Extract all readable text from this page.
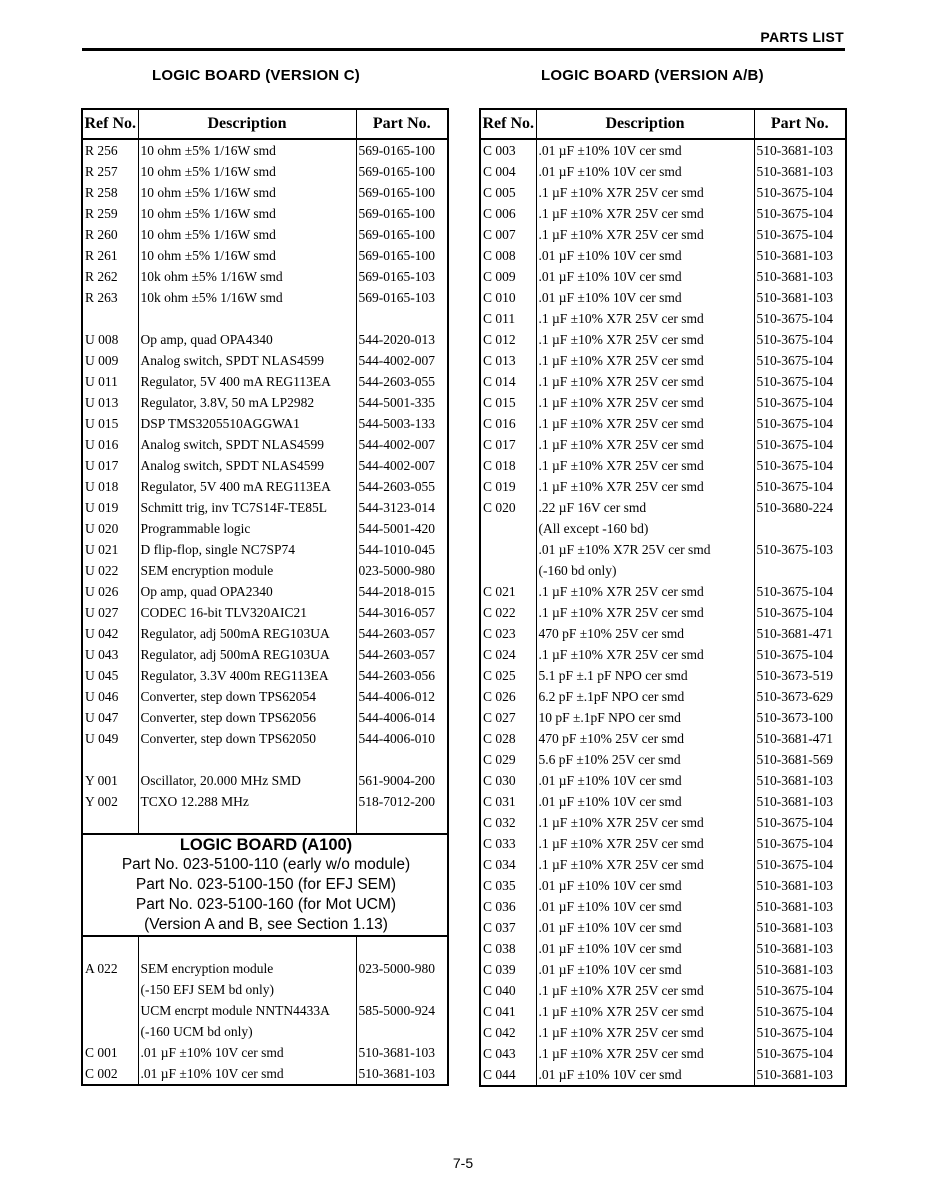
PARTS LIST
LOGIC BOARD (VERSION C)	LOGIC BOARD (VERSION A/B)
Ref No.	Description	Part No.
R 256	10 ohm ±5% 1/16W smd	569-0165-100
R 257	10 ohm ±5% 1/16W smd	569-0165-100
R 258	10 ohm ±5% 1/16W smd	569-0165-100
R 259	10 ohm ±5% 1/16W smd	569-0165-100
R 260	10 ohm ±5% 1/16W smd	569-0165-100
R 261	10 ohm ±5% 1/16W smd	569-0165-100
R 262	10k ohm ±5% 1/16W smd	569-0165-103
R 263	10k ohm ±5% 1/16W smd	569-0165-103

U 008	Op amp, quad OPA4340	544-2020-013
U 009	Analog switch, SPDT NLAS4599	544-4002-007
U 011	Regulator, 5V 400 mA REG113EA	544-2603-055
U 013	Regulator, 3.8V, 50 mA LP2982	544-5001-335
U 015	DSP TMS3205510AGGWA1	544-5003-133
U 016	Analog switch, SPDT NLAS4599	544-4002-007
U 017	Analog switch, SPDT NLAS4599	544-4002-007
U 018	Regulator, 5V 400 mA REG113EA	544-2603-055
U 019	Schmitt trig, inv TC7S14F-TE85L	544-3123-014
U 020	Programmable logic	544-5001-420
U 021	D flip-flop, single NC7SP74	544-1010-045
U 022	SEM encryption module	023-5000-980
U 026	Op amp, quad OPA2340	544-2018-015
U 027	CODEC 16-bit TLV320AIC21	544-3016-057
U 042	Regulator, adj 500mA REG103UA	544-2603-057
U 043	Regulator, adj 500mA REG103UA	544-2603-057
U 045	Regulator, 3.3V 400m REG113EA	544-2603-056
U 046	Converter, step down TPS62054	544-4006-012
U 047	Converter, step down TPS62056	544-4006-014
U 049	Converter, step down TPS62050	544-4006-010

Y 001	Oscillator, 20.000 MHz SMD	561-9004-200
Y 002	TCXO 12.288 MHz	518-7012-200

LOGIC BOARD (A100)
Part No. 023-5100-110 (early w/o module)
Part No. 023-5100-150 (for EFJ SEM)
Part No. 023-5100-160 (for Mot UCM)
(Version A and B, see Section 1.13)		

A 022	SEM encryption module	023-5000-980
	(-150 EFJ SEM bd only)	
	UCM encrpt module NNTN4433A	585-5000-924
	(-160 UCM bd only)	
C 001	.01 µF ±10% 10V cer smd	510-3681-103
C 002	.01 µF ±10% 10V cer smd	510-3681-103
Ref No.	Description	Part No.
C 003	.01 µF ±10% 10V cer smd	510-3681-103
C 004	.01 µF ±10% 10V cer smd	510-3681-103
C 005	.1 µF ±10% X7R 25V cer smd	510-3675-104
C 006	.1 µF ±10% X7R 25V cer smd	510-3675-104
C 007	.1 µF ±10% X7R 25V cer smd	510-3675-104
C 008	.01 µF ±10% 10V cer smd	510-3681-103
C 009	.01 µF ±10% 10V cer smd	510-3681-103
C 010	.01 µF ±10% 10V cer smd	510-3681-103
C 011	.1 µF ±10% X7R 25V cer smd	510-3675-104
C 012	.1 µF ±10% X7R 25V cer smd	510-3675-104
C 013	.1 µF ±10% X7R 25V cer smd	510-3675-104
C 014	.1 µF ±10% X7R 25V cer smd	510-3675-104
C 015	.1 µF ±10% X7R 25V cer smd	510-3675-104
C 016	.1 µF ±10% X7R 25V cer smd	510-3675-104
C 017	.1 µF ±10% X7R 25V cer smd	510-3675-104
C 018	.1 µF ±10% X7R 25V cer smd	510-3675-104
C 019	.1 µF ±10% X7R 25V cer smd	510-3675-104
C 020	.22 µF 16V cer smd	510-3680-224
	(All except -160 bd)	
	.01 µF ±10% X7R 25V cer smd	510-3675-103
	(-160 bd only)	
C 021	.1 µF ±10% X7R 25V cer smd	510-3675-104
C 022	.1 µF ±10% X7R 25V cer smd	510-3675-104
C 023	470 pF ±10% 25V cer smd	510-3681-471
C 024	.1 µF ±10% X7R 25V cer smd	510-3675-104
C 025	5.1 pF ±.1 pF NPO cer smd	510-3673-519
C 026	6.2 pF ±.1pF NPO cer smd	510-3673-629
C 027	10 pF ±.1pF NPO cer smd	510-3673-100
C 028	470 pF ±10% 25V cer smd	510-3681-471
C 029	5.6 pF ±10% 25V cer smd	510-3681-569
C 030	.01 µF ±10% 10V cer smd	510-3681-103
C 031	.01 µF ±10% 10V cer smd	510-3681-103
C 032	.1 µF ±10% X7R 25V cer smd	510-3675-104
C 033	.1 µF ±10% X7R 25V cer smd	510-3675-104
C 034	.1 µF ±10% X7R 25V cer smd	510-3675-104
C 035	.01 µF ±10% 10V cer smd	510-3681-103
C 036	.01 µF ±10% 10V cer smd	510-3681-103
C 037	.01 µF ±10% 10V cer smd	510-3681-103
C 038	.01 µF ±10% 10V cer smd	510-3681-103
C 039	.01 µF ±10% 10V cer smd	510-3681-103
C 040	.1 µF ±10% X7R 25V cer smd	510-3675-104
C 041	.1 µF ±10% X7R 25V cer smd	510-3675-104
C 042	.1 µF ±10% X7R 25V cer smd	510-3675-104
C 043	.1 µF ±10% X7R 25V cer smd	510-3675-104
C 044	.01 µF ±10% 10V cer smd	510-3681-103
7-5
